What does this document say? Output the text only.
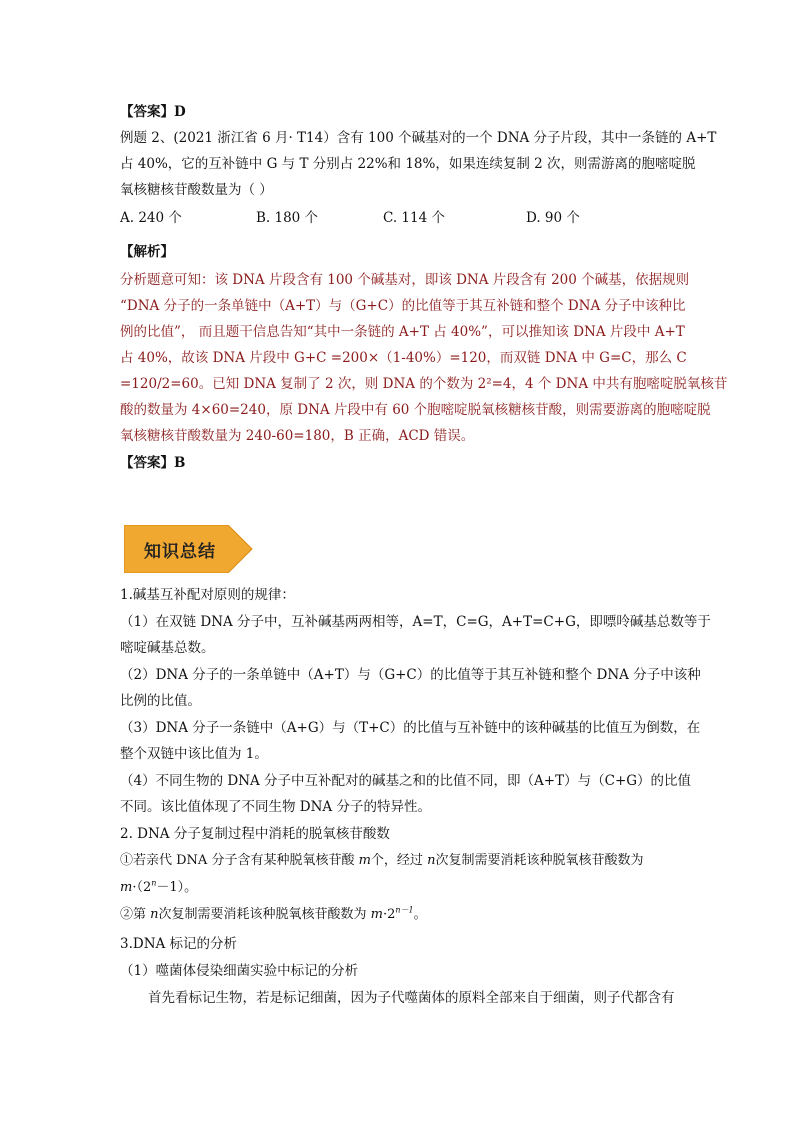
【答案】D
例题 2、(2021 浙江省 6 月· T14）含有 100 个碱基对的一个 DNA 分子片段，其中一条链的 A+T
占 40%，它的互补链中 G 与 T 分别占 22%和 18%，如果连续复制 2 次，则需游离的胞嘧啶脱
氧核糖核苷酸数量为（ ）
A. 240 个	B. 180 个	C. 114 个	D. 90 个
【解析】
分析题意可知：该 DNA 片段含有 100 个碱基对，即该 DNA 片段含有 200 个碱基，依据规则
“DNA 分子的一条单链中（A+T）与（G+C）的比值等于其互补链和整个 DNA 分子中该种比
例的比值”， 而且题干信息告知“其中一条链的 A+T 占 40%”，可以推知该 DNA 片段中 A+T
占 40%，故该 DNA 片段中 G+C =200×（1-40%）=120，而双链 DNA 中 G=C，那么 C
=120/2=60。已知 DNA 复制了 2 次，则 DNA 的个数为 2²=4，4 个 DNA 中共有胞嘧啶脱氧核苷
酸的数量为 4×60=240，原 DNA 片段中有 60 个胞嘧啶脱氧核糖核苷酸，则需要游离的胞嘧啶脱
氧核糖核苷酸数量为 240-60=180，B 正确，ACD 错误。
【答案】B
知识总结
1.碱基互补配对原则的规律：
（1）在双链 DNA 分子中，互补碱基两两相等，A=T，C=G，A+T=C+G，即嘌呤碱基总数等于
嘧啶碱基总数。
（2）DNA 分子的一条单链中（A+T）与（G+C）的比值等于其互补链和整个 DNA 分子中该种
比例的比值。
（3）DNA 分子一条链中（A+G）与（T+C）的比值与互补链中的该种碱基的比值互为倒数，在
整个双链中该比值为 1。
（4）不同生物的 DNA 分子中互补配对的碱基之和的比值不同，即（A+T）与（C+G）的比值
不同。该比值体现了不同生物 DNA 分子的特异性。
2. DNA 分子复制过程中消耗的脱氧核苷酸数
①若亲代 DNA 分子含有某种脱氧核苷酸 m个，经过 n次复制需要消耗该种脱氧核苷酸数为
$m\cdot(2^n-1)$。
②第 n次复制需要消耗该种脱氧核苷酸数为 $m\cdot 2^{n-1}$。
3.DNA 标记的分析
（1）噬菌体侵染细菌实验中标记的分析
首先看标记生物，若是标记细菌，因为子代噬菌体的原料全部来自于细菌，则子代都含有
